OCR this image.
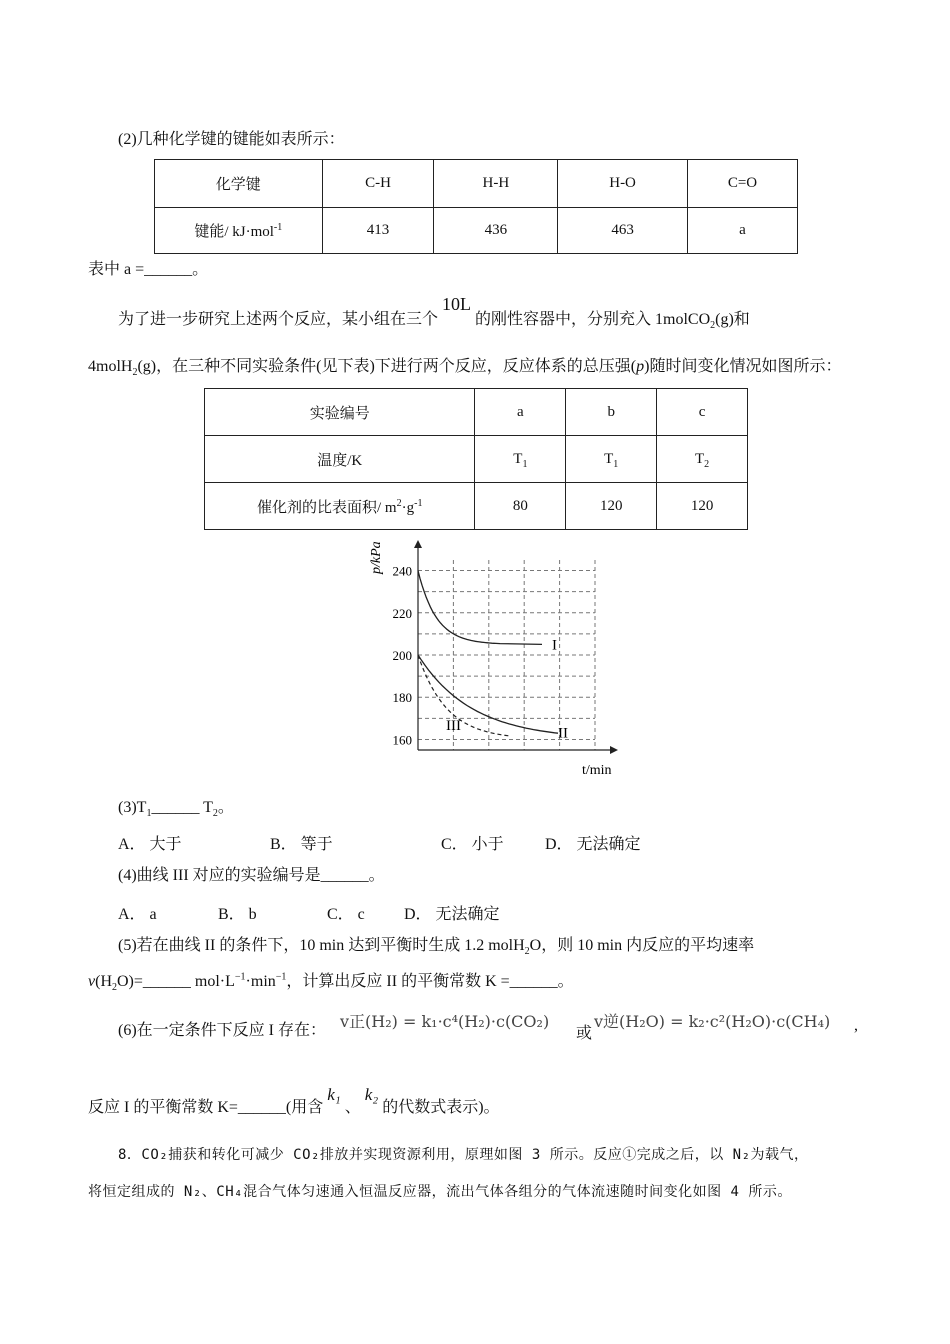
(2)几种化学键的键能如表所示：
化学键	C-H	H-H	H-O	C=O
键能/ kJ·mol$^{-1}$	413	436	463	a
表中 a =______。
为了进一步研究上述两个反应，某小组在三个 10L 的刚性容器中，分别充入 1molCO$_2$(g)和
4molH$_2$(g)，在三种不同实验条件(见下表)下进行两个反应，反应体系的总压强(p)随时间变化情况如图所示：
实验编号	a	b	c
温度/K	$T_1$	$T_1$	$T_2$
催化剂的比表面积/ $m^2\cdot g^{-1}$	80	120	120
240
220
200
180
160
I
II
III
p/kPa
t/min
$(3)T_1\_\_\_\_\_\_$ $T_2$。
A． 大于	B． 等于	C． 小于	D． 无法确定
(4)曲线 III 对应的实验编号是______。
A． a	B． b	C． c D． 无法确定
(5)若在曲线 II 的条件下，10 min 达到平衡时生成 1.2 molH$_2$O，则 10 min 内反应的平均速率
$v(H_2O)=\_\_\_\_\_\_$ $mol\cdot L^{-1}\cdot\min^{-1}$，计算出反应 II 的平衡常数 K =______。
(6)在一定条件下反应 I 存在： v正(H₂) = k₁·c⁴(H₂)·c(CO₂)
或
v逆(H₂O) = k₂·c²(H₂O)·c(CH₄) ,
反应 I 的平衡常数 K=______(用含 k₁ 、 k₂ 的代数式表示)。
8．CO₂捕获和转化可减少 CO₂排放并实现资源利用，原理如图 3 所示。反应①完成之后，以 N₂为载气，
将恒定组成的 N₂、CH₄混合气体匀速通入恒温反应器，流出气体各组分的气体流速随时间变化如图 4 所示。
